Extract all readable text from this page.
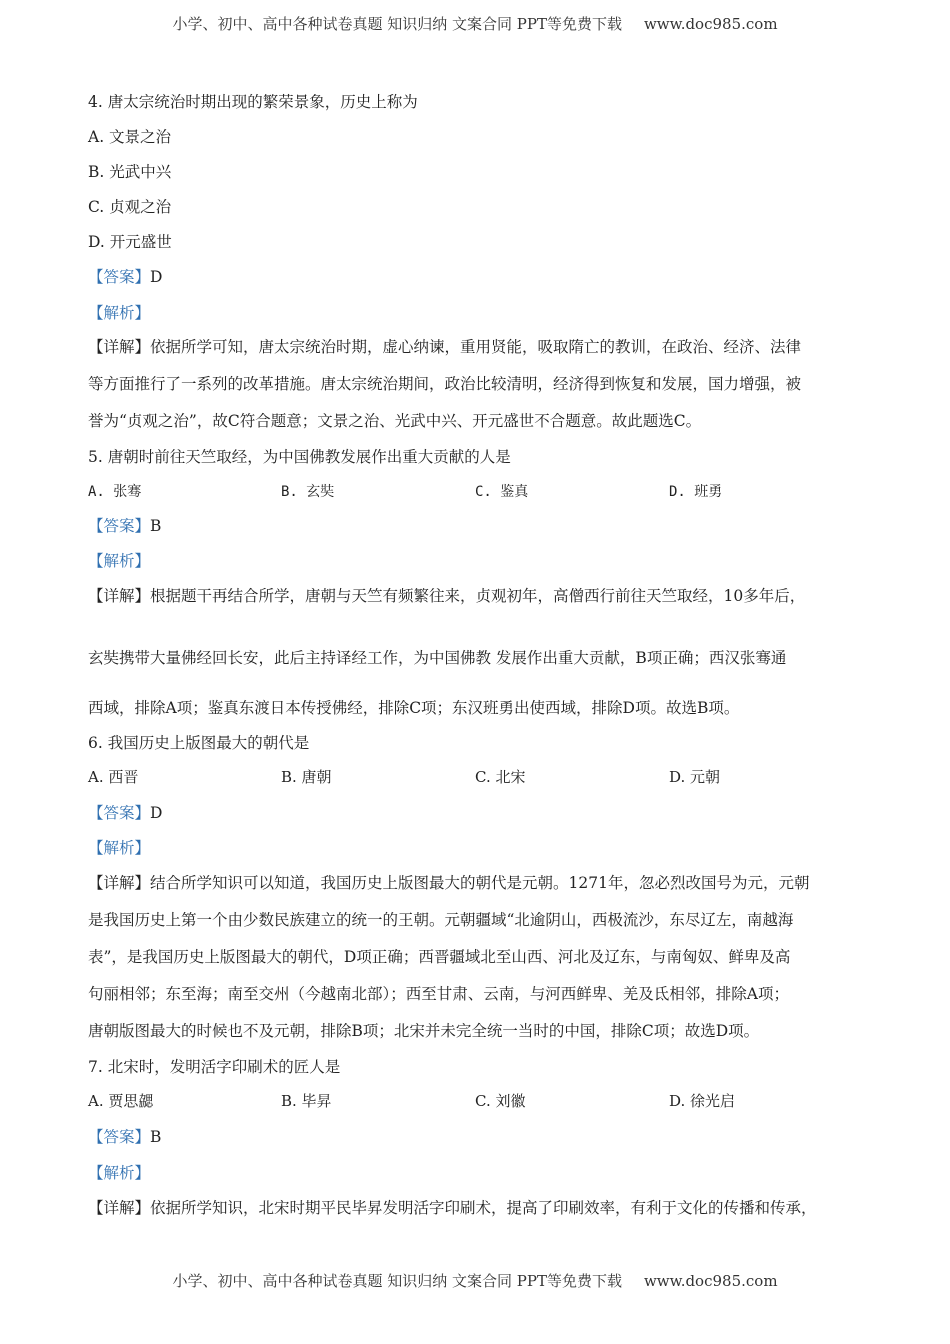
小学、初中、高中各种试卷真题 知识归纳 文案合同 PPT等免费下载 www.doc985.com
4. 唐太宗统治时期出现的繁荣景象，历史上称为
A. 文景之治
B. 光武中兴
C. 贞观之治
D. 开元盛世
【答案】D
【解析】
【详解】依据所学可知，唐太宗统治时期，虚心纳谏，重用贤能，吸取隋亡的教训，在政治、经济、法律
等方面推行了一系列的改革措施。唐太宗统治期间，政治比较清明，经济得到恢复和发展，国力增强，被
誉为“贞观之治”，故C符合题意；文景之治、光武中兴、开元盛世不合题意。故此题选C。
5. 唐朝时前往天竺取经，为中国佛教发展作出重大贡献的人是
A. 张骞	B. 玄奘	C. 鉴真	D. 班勇
【答案】B
【解析】
【详解】根据题干再结合所学，唐朝与天竺有频繁往来，贞观初年，高僧西行前往天竺取经，10多年后，
玄奘携带大量佛经回长安，此后主持译经工作，为中国佛教 发展作出重大贡献，B项正确；西汉张骞通
西域，排除A项；鉴真东渡日本传授佛经，排除C项；东汉班勇出使西域，排除D项。故选B项。
6. 我国历史上版图最大的朝代是
A. 西晋	B. 唐朝	C. 北宋	D. 元朝
【答案】D
【解析】
【详解】结合所学知识可以知道，我国历史上版图最大的朝代是元朝。1271年，忽必烈改国号为元，元朝
是我国历史上第一个由少数民族建立的统一的王朝。元朝疆域“北逾阴山，西极流沙，东尽辽左，南越海
表”，是我国历史上版图最大的朝代，D项正确；西晋疆域北至山西、河北及辽东，与南匈奴、鲜卑及高
句丽相邻；东至海；南至交州（今越南北部）；西至甘肃、云南，与河西鲜卑、羌及氐相邻，排除A项；
唐朝版图最大的时候也不及元朝，排除B项；北宋并未完全统一当时的中国，排除C项；故选D项。
7. 北宋时，发明活字印刷术的匠人是
A. 贾思勰	B. 毕昇	C. 刘徽	D. 徐光启
【答案】B
【解析】
【详解】依据所学知识，北宋时期平民毕昇发明活字印刷术，提高了印刷效率，有利于文化的传播和传承，
小学、初中、高中各种试卷真题 知识归纳 文案合同 PPT等免费下载 www.doc985.com
